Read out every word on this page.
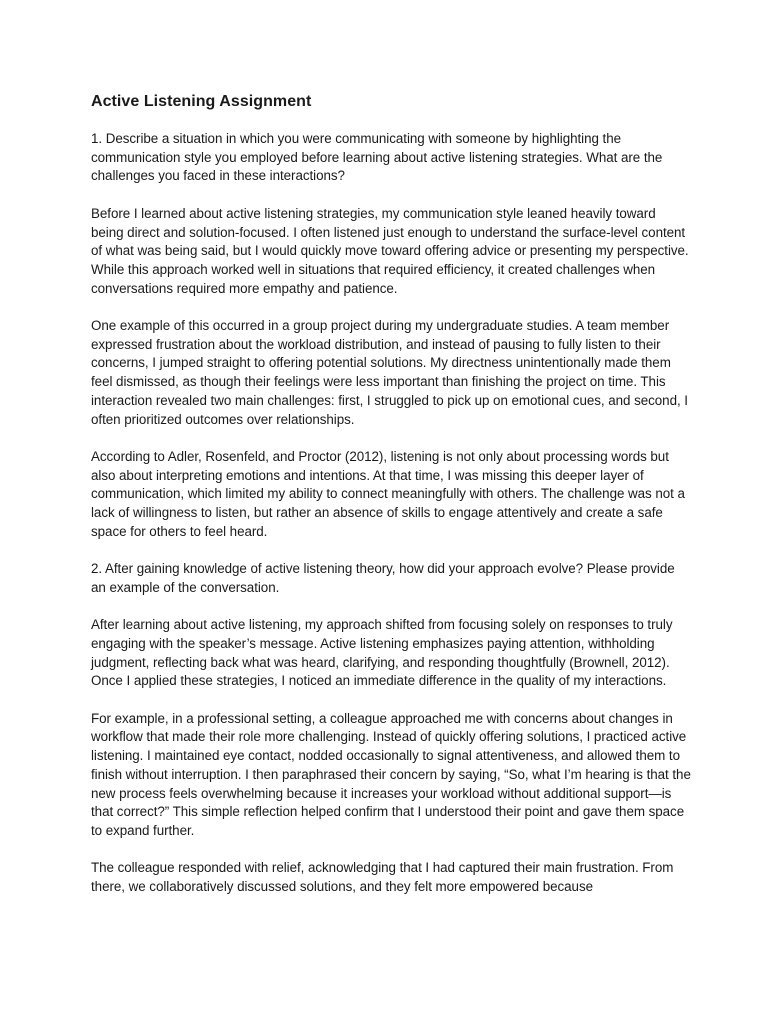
Active Listening Assignment

1. Describe a situation in which you were communicating with someone by highlighting the communication style you employed before learning about active listening strategies. What are the challenges you faced in these interactions?

Before I learned about active listening strategies, my communication style leaned heavily toward being direct and solution-focused. I often listened just enough to understand the surface-level content of what was being said, but I would quickly move toward offering advice or presenting my perspective. While this approach worked well in situations that required efficiency, it created challenges when conversations required more empathy and patience.

One example of this occurred in a group project during my undergraduate studies. A team member expressed frustration about the workload distribution, and instead of pausing to fully listen to their concerns, I jumped straight to offering potential solutions. My directness unintentionally made them feel dismissed, as though their feelings were less important than finishing the project on time. This interaction revealed two main challenges: first, I struggled to pick up on emotional cues, and second, I often prioritized outcomes over relationships.

According to Adler, Rosenfeld, and Proctor (2012), listening is not only about processing words but also about interpreting emotions and intentions. At that time, I was missing this deeper layer of communication, which limited my ability to connect meaningfully with others. The challenge was not a lack of willingness to listen, but rather an absence of skills to engage attentively and create a safe space for others to feel heard.

2. After gaining knowledge of active listening theory, how did your approach evolve? Please provide an example of the conversation.

After learning about active listening, my approach shifted from focusing solely on responses to truly engaging with the speaker’s message. Active listening emphasizes paying attention, withholding judgment, reflecting back what was heard, clarifying, and responding thoughtfully (Brownell, 2012). Once I applied these strategies, I noticed an immediate difference in the quality of my interactions.

For example, in a professional setting, a colleague approached me with concerns about changes in workflow that made their role more challenging. Instead of quickly offering solutions, I practiced active listening. I maintained eye contact, nodded occasionally to signal attentiveness, and allowed them to finish without interruption. I then paraphrased their concern by saying, “So, what I’m hearing is that the new process feels overwhelming because it increases your workload without additional support—is that correct?” This simple reflection helped confirm that I understood their point and gave them space to expand further.

The colleague responded with relief, acknowledging that I had captured their main frustration. From there, we collaboratively discussed solutions, and they felt more empowered because
